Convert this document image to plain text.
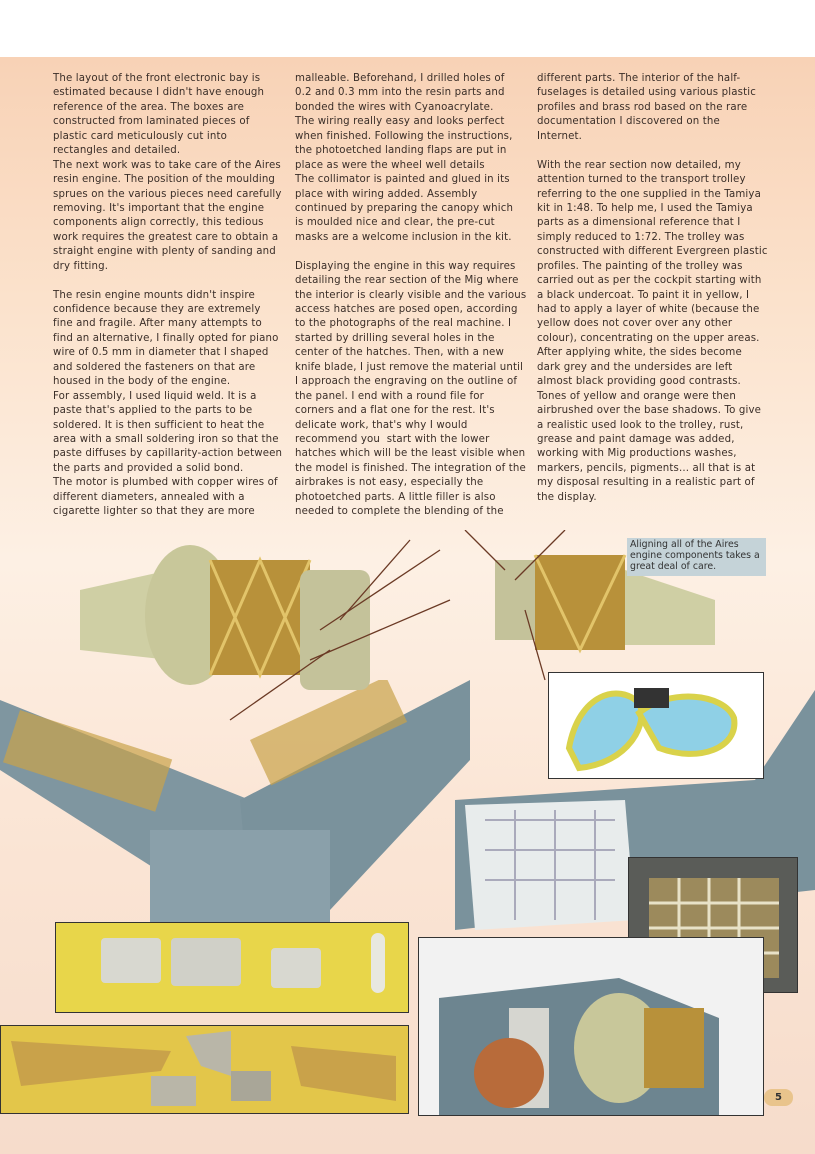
The layout of the front electronic bay is
estimated because I didn't have enough
reference of the area. The boxes are
constructed from laminated pieces of
plastic card meticulously cut into
rectangles and detailed.
The next work was to take care of the Aires
resin engine. The position of the moulding
sprues on the various pieces need carefully
removing. It's important that the engine
components align correctly, this tedious
work requires the greatest care to obtain a
straight engine with plenty of sanding and
dry fitting.
The resin engine mounts didn't inspire
confidence because they are extremely
fine and fragile. After many attempts to
find an alternative, I finally opted for piano
wire of 0.5 mm in diameter that I shaped
and soldered the fasteners on that are
housed in the body of the engine.
For assembly, I used liquid weld. It is a
paste that's applied to the parts to be
soldered. It is then sufficient to heat the
area with a small soldering iron so that the
paste diffuses by capillarity-action between
the parts and provided a solid bond.
The motor is plumbed with copper wires of
different diameters, annealed with a
cigarette lighter so that they are more
malleable. Beforehand, I drilled holes of
0.2 and 0.3 mm into the resin parts and
bonded the wires with Cyanoacrylate.
The wiring really easy and looks perfect
when finished. Following the instructions,
the photoetched landing flaps are put in
place as were the wheel well details
The collimator is painted and glued in its
place with wiring added. Assembly
continued by preparing the canopy which
is moulded nice and clear, the pre-cut
masks are a welcome inclusion in the kit.
Displaying the engine in this way requires
detailing the rear section of the Mig where
the interior is clearly visible and the various
access hatches are posed open, according
to the photographs of the real machine. I
started by drilling several holes in the
center of the hatches. Then, with a new
knife blade, I just remove the material until
I approach the engraving on the outline of
the panel. I end with a round file for
corners and a flat one for the rest. It's
delicate work, that's why I would
recommend you  start with the lower
hatches which will be the least visible when
the model is finished. The integration of the
airbrakes is not easy, especially the
photoetched parts. A little filler is also
needed to complete the blending of the
different parts. The interior of the half-
fuselages is detailed using various plastic
profiles and brass rod based on the rare
documentation I discovered on the
Internet.
With the rear section now detailed, my
attention turned to the transport trolley
referring to the one supplied in the Tamiya
kit in 1:48. To help me, I used the Tamiya
parts as a dimensional reference that I
simply reduced to 1:72. The trolley was
constructed with different Evergreen plastic
profiles. The painting of the trolley was
carried out as per the cockpit starting with
a black undercoat. To paint it in yellow, I
had to apply a layer of white (because the
yellow does not cover over any other
colour), concentrating on the upper areas.
After applying white, the sides become
dark grey and the undersides are left
almost black providing good contrasts.
Tones of yellow and orange were then
airbrushed over the base shadows. To give
a realistic used look to the trolley, rust,
grease and paint damage was added,
working with Mig productions washes,
markers, pencils, pigments... all that is at
my disposal resulting in a realistic part of
the display.
Aligning all of the Aires engine components takes a great deal of care.
5
